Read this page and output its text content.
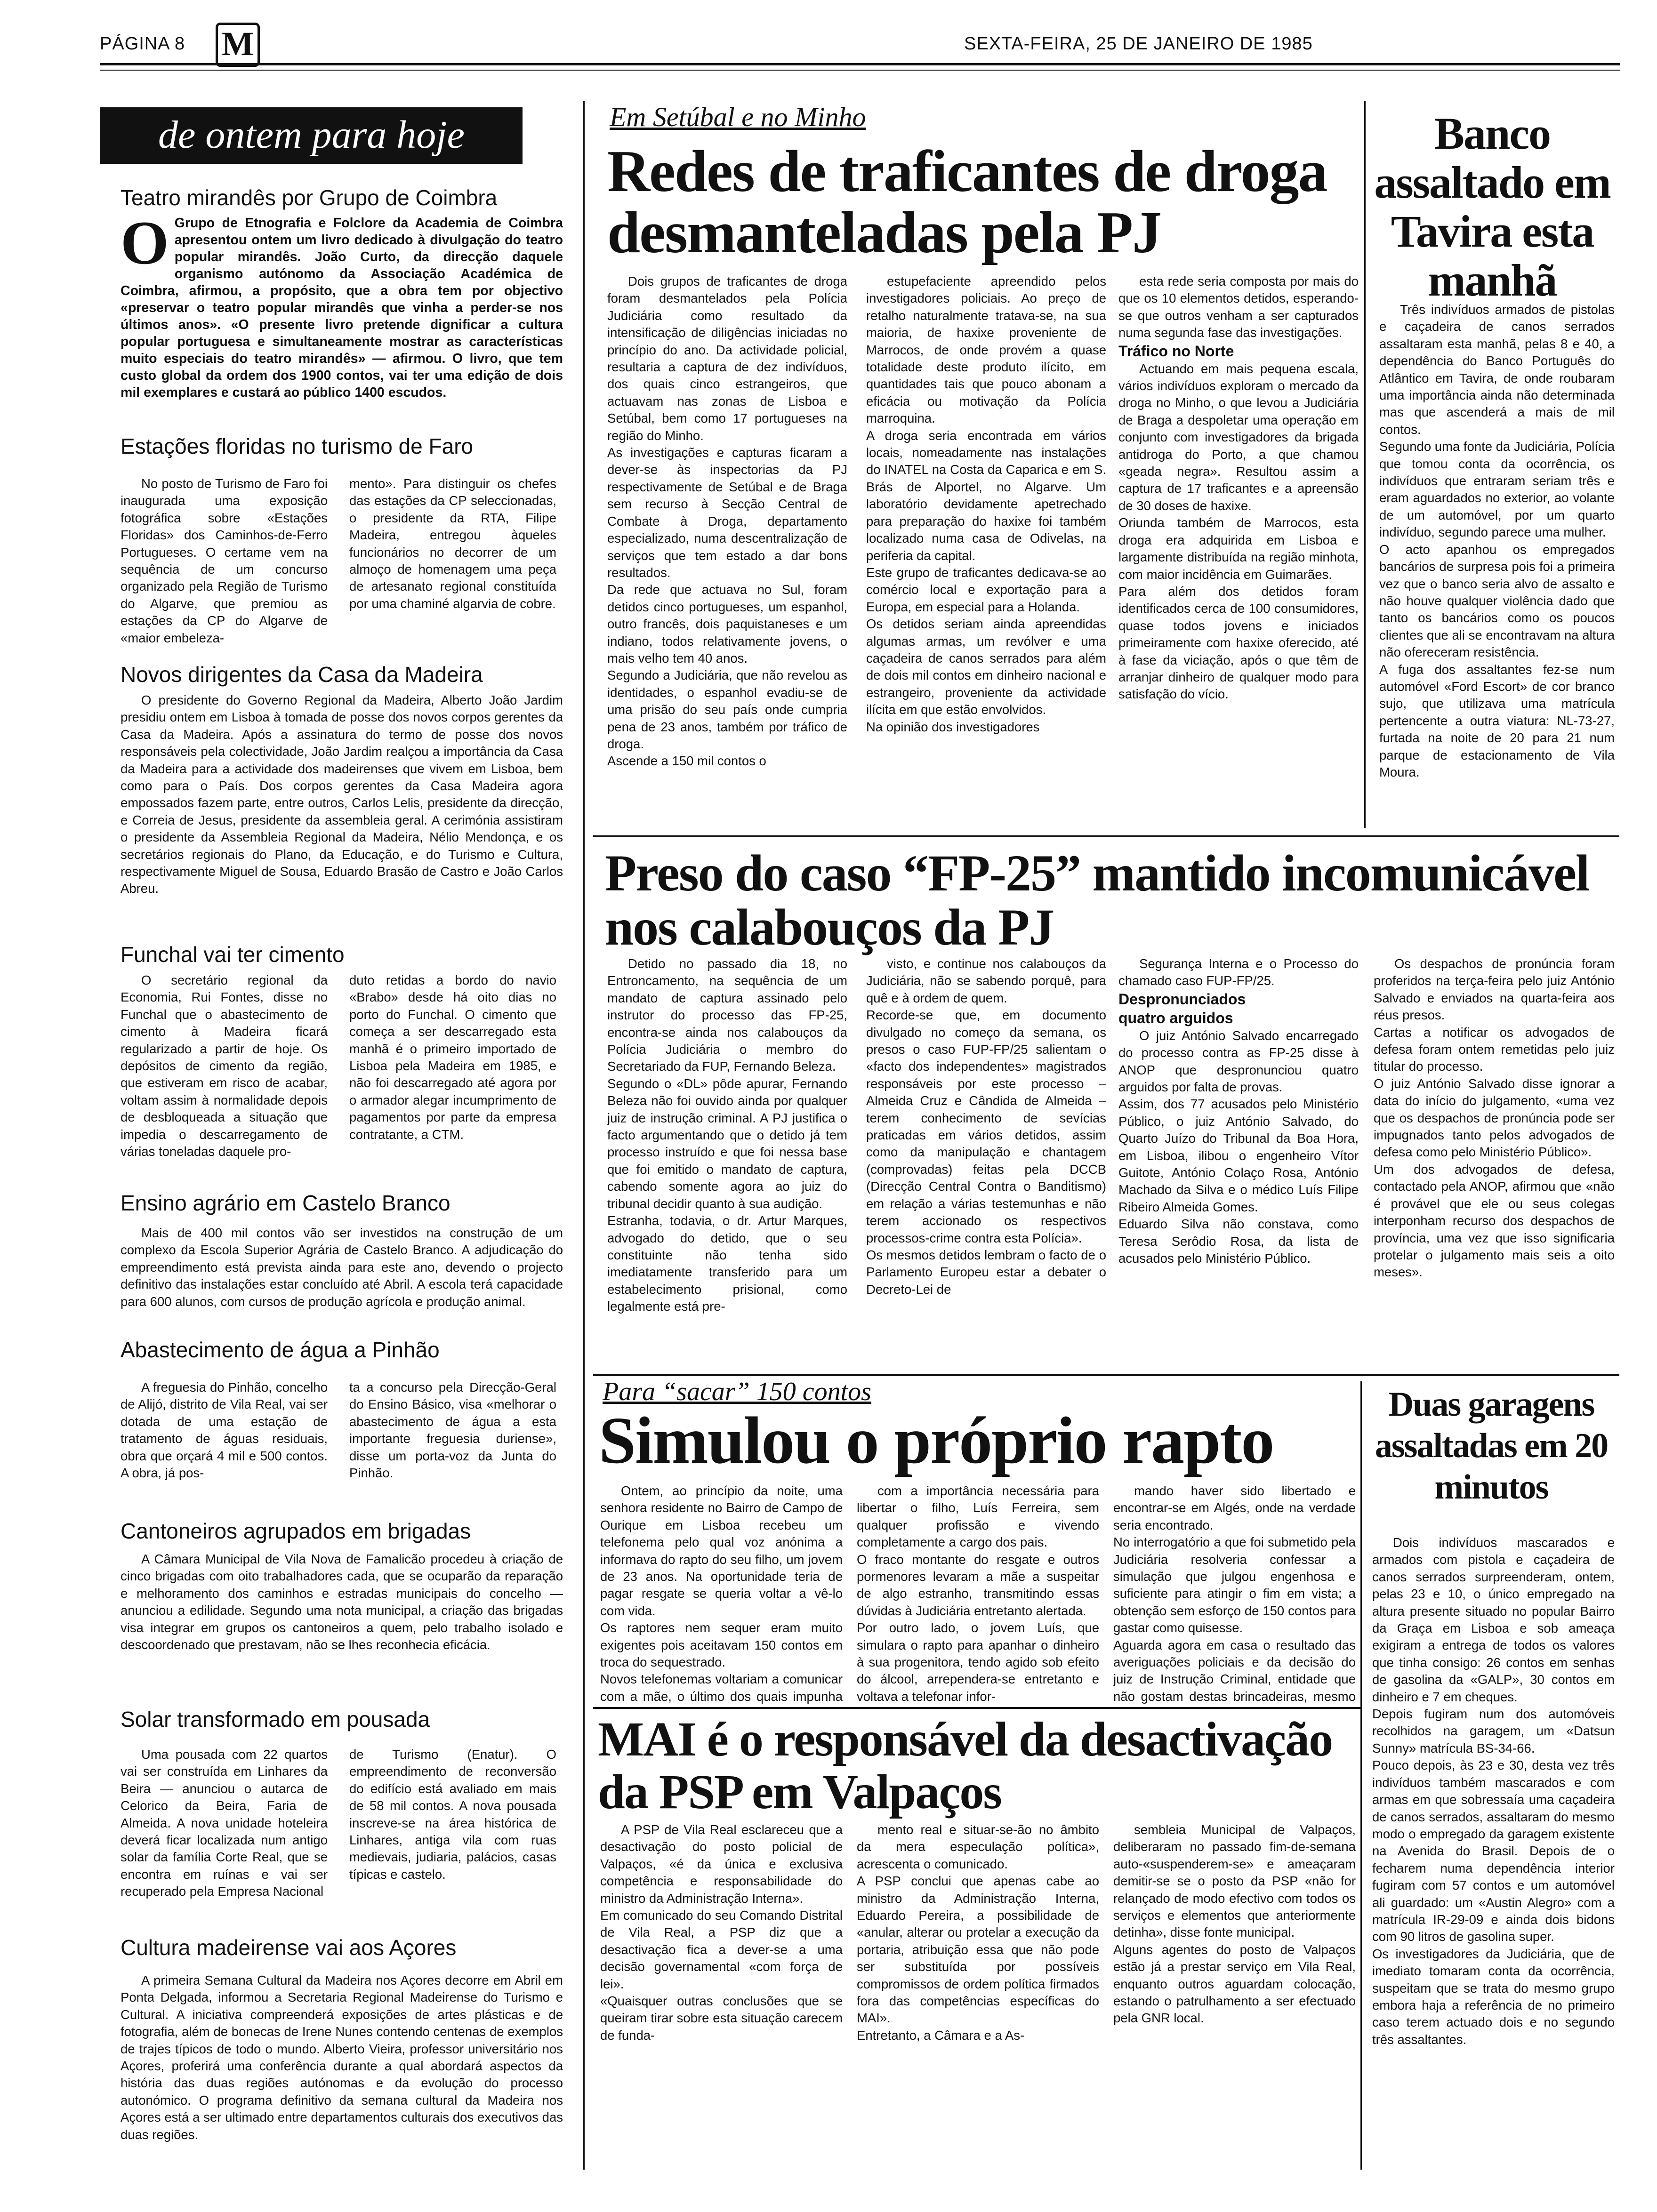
PÁGINA 8 M	SEXTA-FEIRA, 25 DE JANEIRO DE 1985
de ontem para hoje
Teatro mirandês por Grupo de Coimbra
O Grupo de Etnografia e Folclore da Academia de Coimbra apresentou ontem um livro dedicado à divulgação do teatro popular mirandês. João Curto, da direcção daquele organismo autónomo da Associação Académica de Coimbra, afirmou, a propósito, que a obra tem por objectivo «preservar o teatro popular mirandês que vinha a perder-se nos últimos anos». «O presente livro pretende dignificar a cultura popular portuguesa e simultaneamente mostrar as características muito especiais do teatro mirandês» — afirmou. O livro, que tem custo global da ordem dos 1900 contos, vai ter uma edição de dois mil exemplares e custará ao público 1400 escudos.
Estações floridas no turismo de Faro

No posto de Turismo de Faro foi inaugurada uma exposição fotográfica sobre «Estações Floridas» dos Caminhos-de-Ferro Portugueses. O certame vem na sequência de um concurso organizado pela Região de Turismo do Algarve, que premiou as estações da CP do Algarve de «maior embeleza-

mento». Para distinguir os chefes das estações da CP seleccionadas, o presidente da RTA, Filipe Madeira, entregou àqueles funcionários no decorrer de um almoço de homenagem uma peça de artesanato regional constituída por uma chaminé algarvia de cobre.

Novos dirigentes da Casa da Madeira

O presidente do Governo Regional da Madeira, Alberto João Jardim presidiu ontem em Lisboa à tomada de posse dos novos corpos gerentes da Casa da Madeira. Após a assinatura do termo de posse dos novos responsáveis pela colectividade, João Jardim realçou a importância da Casa da Madeira para a actividade dos madeirenses que vivem em Lisboa, bem como para o País. Dos corpos gerentes da Casa Madeira agora empossados fazem parte, entre outros, Carlos Lelis, presidente da direcção, e Correia de Jesus, presidente da assembleia geral. A cerimónia assistiram o presidente da Assembleia Regional da Madeira, Nélio Mendonça, e os secretários regionais do Plano, da Educação, e do Turismo e Cultura, respectivamente Miguel de Sousa, Eduardo Brasão de Castro e João Carlos Abreu.

Funchal vai ter cimento

O secretário regional da Economia, Rui Fontes, disse no Funchal que o abastecimento de cimento à Madeira ficará regularizado a partir de hoje. Os depósitos de cimento da região, que estiveram em risco de acabar, voltam assim à normalidade depois de desbloqueada a situação que impedia o descarregamento de várias toneladas daquele pro-

duto retidas a bordo do navio «Brabo» desde há oito dias no porto do Funchal. O cimento que começa a ser descarregado esta manhã é o primeiro importado de Lisboa pela Madeira em 1985, e não foi descarregado até agora por o armador alegar incumprimento de pagamentos por parte da empresa contratante, a CTM.

Ensino agrário em Castelo Branco

Mais de 400 mil contos vão ser investidos na construção de um complexo da Escola Superior Agrária de Castelo Branco. A adjudicação do empreendimento está prevista ainda para este ano, devendo o projecto definitivo das instalações estar concluído até Abril. A escola terá capacidade para 600 alunos, com cursos de produção agrícola e produção animal.

Abastecimento de água a Pinhão

A freguesia do Pinhão, concelho de Alijó, distrito de Vila Real, vai ser dotada de uma estação de tratamento de águas residuais, obra que orçará 4 mil e 500 contos. A obra, já pos-

ta a concurso pela Direcção-Geral do Ensino Básico, visa «melhorar o abastecimento de água a esta importante freguesia duriense», disse um porta-voz da Junta do Pinhão.

Cantoneiros agrupados em brigadas

A Câmara Municipal de Vila Nova de Famalicão procedeu à criação de cinco brigadas com oito trabalhadores cada, que se ocuparão da reparação e melhoramento dos caminhos e estradas municipais do concelho — anunciou a edilidade. Segundo uma nota municipal, a criação das brigadas visa integrar em grupos os cantoneiros a quem, pelo trabalho isolado e descoordenado que prestavam, não se lhes reconhecia eficácia.

Solar transformado em pousada

Uma pousada com 22 quartos vai ser construída em Linhares da Beira — anunciou o autarca de Celorico da Beira, Faria de Almeida. A nova unidade hoteleira deverá ficar localizada num antigo solar da família Corte Real, que se encontra em ruínas e vai ser recuperado pela Empresa Nacional

de Turismo (Enatur). O empreendimento de reconversão do edifício está avaliado em mais de 58 mil contos. A nova pousada inscreve-se na área histórica de Linhares, antiga vila com ruas medievais, judiaria, palácios, casas típicas e castelo.

Cultura madeirense vai aos Açores

A primeira Semana Cultural da Madeira nos Açores decorre em Abril em Ponta Delgada, informou a Secretaria Regional Madeirense do Turismo e Cultural. A iniciativa compreenderá exposições de artes plásticas e de fotografia, além de bonecas de Irene Nunes contendo centenas de exemplos de trajes típicos de todo o mundo. Alberto Vieira, professor universitário nos Açores, proferirá uma conferência durante a qual abordará aspectos da história das duas regiões autónomas e da evolução do processo autonómico. O programa definitivo da semana cultural da Madeira nos Açores está a ser ultimado entre departamentos culturais dos executivos das duas regiões.

Em Setúbal e no Minho
Redes de traficantes de droga
desmanteladas pela PJ

Dois grupos de traficantes de droga foram desmantelados pela Polícia Judiciária como resultado da intensificação de diligências iniciadas no princípio do ano. Da actividade policial, resultaria a captura de dez indivíduos, dos quais cinco estrangeiros, que actuavam nas zonas de Lisboa e Setúbal, bem como 17 portugueses na região do Minho.
As investigações e capturas ficaram a dever-se às inspectorias da PJ respectivamente de Setúbal e de Braga sem recurso à Secção Central de Combate à Droga, departamento especializado, numa descentralização de serviços que tem estado a dar bons resultados.
Da rede que actuava no Sul, foram detidos cinco portugueses, um espanhol, outro francês, dois paquistaneses e um indiano, todos relativamente jovens, o mais velho tem 40 anos.
Segundo a Judiciária, que não revelou as identidades, o espanhol evadiu-se de uma prisão do seu país onde cumpria pena de 23 anos, também por tráfico de droga.
Ascende a 150 mil contos o

estupefaciente apreendido pelos investigadores policiais. Ao preço de retalho naturalmente tratava-se, na sua maioria, de haxixe proveniente de Marrocos, de onde provém a quase totalidade deste produto ilícito, em quantidades tais que pouco abonam a eficácia ou motivação da Polícia marroquina.
A droga seria encontrada em vários locais, nomeadamente nas instalações do INATEL na Costa da Caparica e em S. Brás de Alportel, no Algarve. Um laboratório devidamente apetrechado para preparação do haxixe foi também localizado numa casa de Odivelas, na periferia da capital.
Este grupo de traficantes dedicava-se ao comércio local e exportação para a Europa, em especial para a Holanda.
Os detidos seriam ainda apreendidas algumas armas, um revólver e uma caçadeira de canos serrados para além de dois mil contos em dinheiro nacional e estrangeiro, proveniente da actividade ilícita em que estão envolvidos.
Na opinião dos investigadores

esta rede seria composta por mais do que os 10 elementos detidos, esperando-se que outros venham a ser capturados numa segunda fase das investigações.

Tráfico no Norte

Actuando em mais pequena escala, vários indivíduos exploram o mercado da droga no Minho, o que levou a Judiciária de Braga a despoletar uma operação em conjunto com investigadores da brigada antidroga do Porto, a que chamou «geada negra». Resultou assim a captura de 17 traficantes e a apreensão de 30 doses de haxixe.
Oriunda também de Marrocos, esta droga era adquirida em Lisboa e largamente distribuída na região minhota, com maior incidência em Guimarães.
Para além dos detidos foram identificados cerca de 100 consumidores, quase todos jovens e iniciados primeiramente com haxixe oferecido, até à fase da viciação, após o que têm de arranjar dinheiro de qualquer modo para satisfação do vício.

Banco assaltado em Tavira esta manhã

Três indivíduos armados de pistolas e caçadeira de canos serrados assaltaram esta manhã, pelas 8 e 40, a dependência do Banco Português do Atlântico em Tavira, de onde roubaram uma importância ainda não determinada mas que ascenderá a mais de mil contos.
Segundo uma fonte da Judiciária, Polícia que tomou conta da ocorrência, os indivíduos que entraram seriam três e eram aguardados no exterior, ao volante de um automóvel, por um quarto indivíduo, segundo parece uma mulher.
O acto apanhou os empregados bancários de surpresa pois foi a primeira vez que o banco seria alvo de assalto e não houve qualquer violência dado que tanto os bancários como os poucos clientes que ali se encontravam na altura não ofereceram resistência.
A fuga dos assaltantes fez-se num automóvel «Ford Escort» de cor branco sujo, que utilizava uma matrícula pertencente a outra viatura: NL-73-27, furtada na noite de 20 para 21 num parque de estacionamento de Vila Moura.

Preso do caso “FP-25” mantido incomunicável
nos calabouços da PJ

Detido no passado dia 18, no Entroncamento, na sequência de um mandato de captura assinado pelo instrutor do processo das FP-25, encontra-se ainda nos calabouços da Polícia Judiciária o membro do Secretariado da FUP, Fernando Beleza.
Segundo o «DL» pôde apurar, Fernando Beleza não foi ouvido ainda por qualquer juiz de instrução criminal. A PJ justifica o facto argumentando que o detido já tem processo instruído e que foi nessa base que foi emitido o mandato de captura, cabendo somente agora ao juiz do tribunal decidir quanto à sua audição.
Estranha, todavia, o dr. Artur Marques, advogado do detido, que o seu constituinte não tenha sido imediatamente transferido para um estabelecimento prisional, como legalmente está pre-

visto, e continue nos calabouços da Judiciária, não se sabendo porquê, para quê e à ordem de quem.
Recorde-se que, em documento divulgado no começo da semana, os presos o caso FUP-FP/25 salientam o «facto dos independentes» magistrados responsáveis por este processo – Almeida Cruz e Cândida de Almeida – terem conhecimento de sevícias praticadas em vários detidos, assim como da manipulação e chantagem (comprovadas) feitas pela DCCB (Direcção Central Contra o Banditismo) em relação a várias testemunhas e não terem accionado os respectivos processos-crime contra esta Polícia».
Os mesmos detidos lembram o facto de o Parlamento Europeu estar a debater o Decreto-Lei de

Segurança Interna e o Processo do chamado caso FUP-FP/25.

Despronunciados

quatro arguidos

O juiz António Salvado encarregado do processo contra as FP-25 disse à ANOP que despronunciou quatro arguidos por falta de provas.
Assim, dos 77 acusados pelo Ministério Público, o juiz António Salvado, do Quarto Juízo do Tribunal da Boa Hora, em Lisboa, ilibou o engenheiro Vítor Guitote, António Colaço Rosa, António Machado da Silva e o médico Luís Filipe Ribeiro Almeida Gomes.
Eduardo Silva não constava, como Teresa Serôdio Rosa, da lista de acusados pelo Ministério Público.

Os despachos de pronúncia foram proferidos na terça-feira pelo juiz António Salvado e enviados na quarta-feira aos réus presos.
Cartas a notificar os advogados de defesa foram ontem remetidas pelo juiz titular do processo.
O juiz António Salvado disse ignorar a data do início do julgamento, «uma vez que os despachos de pronúncia pode ser impugnados tanto pelos advogados de defesa como pelo Ministério Público».
Um dos advogados de defesa, contactado pela ANOP, afirmou que «não é provável que ele ou seus colegas interponham recurso dos despachos de província, uma vez que isso significaria protelar o julgamento mais seis a oito meses».

Para “sacar” 150 contos
Simulou o próprio rapto

Ontem, ao princípio da noite, uma senhora residente no Bairro de Campo de Ourique em Lisboa recebeu um telefonema pelo qual voz anónima a informava do rapto do seu filho, um jovem de 23 anos. Na oportunidade teria de pagar resgate se queria voltar a vê-lo com vida.
Os raptores nem sequer eram muito exigentes pois aceitavam 150 contos em troca do sequestrado.
Novos telefonemas voltariam a comunicar com a mãe, o último dos quais impunha

com a importância necessária para libertar o filho, Luís Ferreira, sem qualquer profissão e vivendo completamente a cargo dos pais.
O fraco montante do resgate e outros pormenores levaram a mãe a suspeitar de algo estranho, transmitindo essas dúvidas à Judiciária entretanto alertada.
Por outro lado, o jovem Luís, que simulara o rapto para apanhar o dinheiro à sua progenitora, tendo agido sob efeito do álcool, arrependera-se entretanto e voltava a telefonar infor-

mando haver sido libertado e encontrar-se em Algés, onde na verdade seria encontrado.
No interrogatório a que foi submetido pela Judiciária resolveria confessar a simulação que julgou engenhosa e suficiente para atingir o fim em vista; a obtenção sem esforço de 150 contos para gastar como quisesse.
Aguarda agora em casa o resultado das averiguações policiais e da decisão do juiz de Instrução Criminal, entidade que não gostam destas brincadeiras, mesmo

Duas garagens assaltadas em 20 minutos

Dois indivíduos mascarados e armados com pistola e caçadeira de canos serrados surpreenderam, ontem, pelas 23 e 10, o único empregado na altura presente situado no popular Bairro da Graça em Lisboa e sob ameaça exigiram a entrega de todos os valores que tinha consigo: 26 contos em senhas de gasolina da «GALP», 30 contos em dinheiro e 7 em cheques.
Depois fugiram num dos automóveis recolhidos na garagem, um «Datsun Sunny» matrícula BS-34-66.
Pouco depois, às 23 e 30, desta vez três indivíduos também mascarados e com armas em que sobressaía uma caçadeira de canos serrados, assaltaram do mesmo modo o empregado da garagem existente na Avenida do Brasil. Depois de o fecharem numa dependência interior fugiram com 57 contos e um automóvel ali guardado: um «Austin Alegro» com a matrícula IR-29-09 e ainda dois bidons com 90 litros de gasolina super.
Os investigadores da Judiciária, que de imediato tomaram conta da ocorrência, suspeitam que se trata do mesmo grupo embora haja a referência de no primeiro caso terem actuado dois e no segundo três assaltantes.

MAI é o responsável da desactivação
da PSP em Valpaços

A PSP de Vila Real esclareceu que a desactivação do posto policial de Valpaços, «é da única e exclusiva competência e responsabilidade do ministro da Administração Interna».
Em comunicado do seu Comando Distrital de Vila Real, a PSP diz que a desactivação fica a dever-se a uma decisão governamental «com força de lei».
«Quaisquer outras conclusões que se queiram tirar sobre esta situação carecem de funda-

mento real e situar-se-ão no âmbito da mera especulação política», acrescenta o comunicado.
A PSP conclui que apenas cabe ao ministro da Administração Interna, Eduardo Pereira, a possibilidade de «anular, alterar ou protelar a execução da portaria, atribuição essa que não pode ser substituída por possíveis compromissos de ordem política firmados fora das competências específicas do MAI».
Entretanto, a Câmara e a As-

sembleia Municipal de Valpaços, deliberaram no passado fim-de-semana auto-«suspenderem-se» e ameaçaram demitir-se se o posto da PSP «não for relançado de modo efectivo com todos os serviços e elementos que anteriormente detinha», disse fonte municipal.
Alguns agentes do posto de Valpaços estão já a prestar serviço em Vila Real, enquanto outros aguardam colocação, estando o patrulhamento a ser efectuado pela GNR local.
